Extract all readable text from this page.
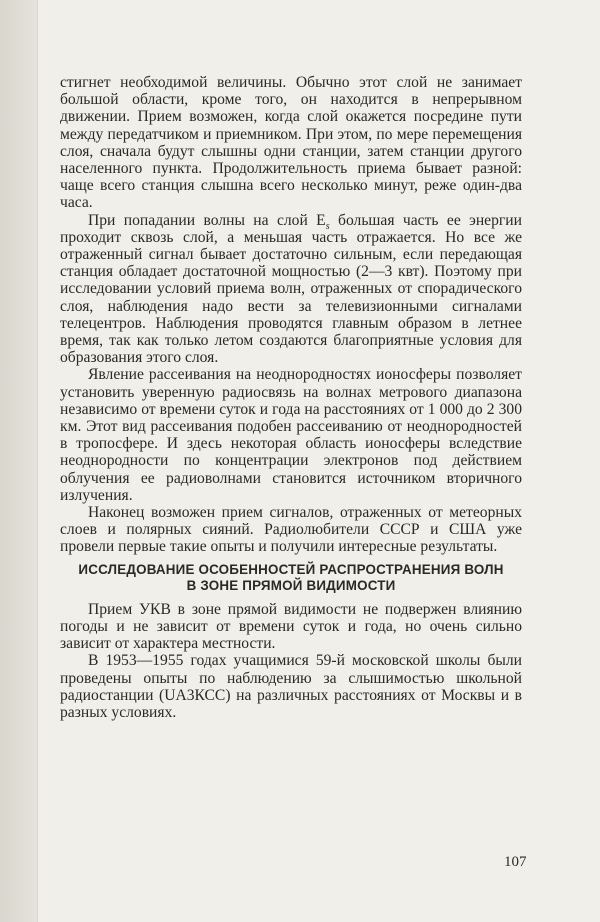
стигнет необходимой величины. Обычно этот слой не занимает большой области, кроме того, он находится в непрерывном движении. Прием возможен, когда слой окажется посредине пути между передатчиком и приемником. При этом, по мере перемещения слоя, сначала будут слышны одни станции, затем станции другого населенного пункта. Продолжительность приема бывает разной: чаще всего станция слышна всего несколько минут, реже один-два часа.

При попадании волны на слой $E_s$ большая часть ее энергии проходит сквозь слой, а меньшая часть отражается. Но все же отраженный сигнал бывает достаточно сильным, если передающая станция обладает достаточной мощностью (2—3 квт). Поэтому при исследовании условий приема волн, отраженных от спорадического слоя, наблюдения надо вести за телевизионными сигналами телецентров. Наблюдения проводятся главным образом в летнее время, так как только летом создаются благоприятные условия для образования этого слоя.

Явление рассеивания на неоднородностях ионосферы позволяет установить уверенную радиосвязь на волнах метрового диапазона независимо от времени суток и года на расстояниях от 1 000 до 2 300 км. Этот вид рассеивания подобен рассеиванию от неоднородностей в тропосфере. И здесь некоторая область ионосферы вследствие неоднородности по концентрации электронов под действием облучения ее радиоволнами становится источником вторичного излучения.

Наконец возможен прием сигналов, отраженных от метеорных слоев и полярных сияний. Радиолюбители СССР и США уже провели первые такие опыты и получили интересные результаты.

ИССЛЕДОВАНИЕ ОСОБЕННОСТЕЙ РАСПРОСТРАНЕНИЯ ВОЛН
В ЗОНЕ ПРЯМОЙ ВИДИМОСТИ

Прием УКВ в зоне прямой видимости не подвержен влиянию погоды и не зависит от времени суток и года, но очень сильно зависит от характера местности.

В 1953—1955 годах учащимися 59-й московской школы были проведены опыты по наблюдению за слышимостью школьной радиостанции (UA3КСС) на различных расстояниях от Москвы и в разных условиях.

107
